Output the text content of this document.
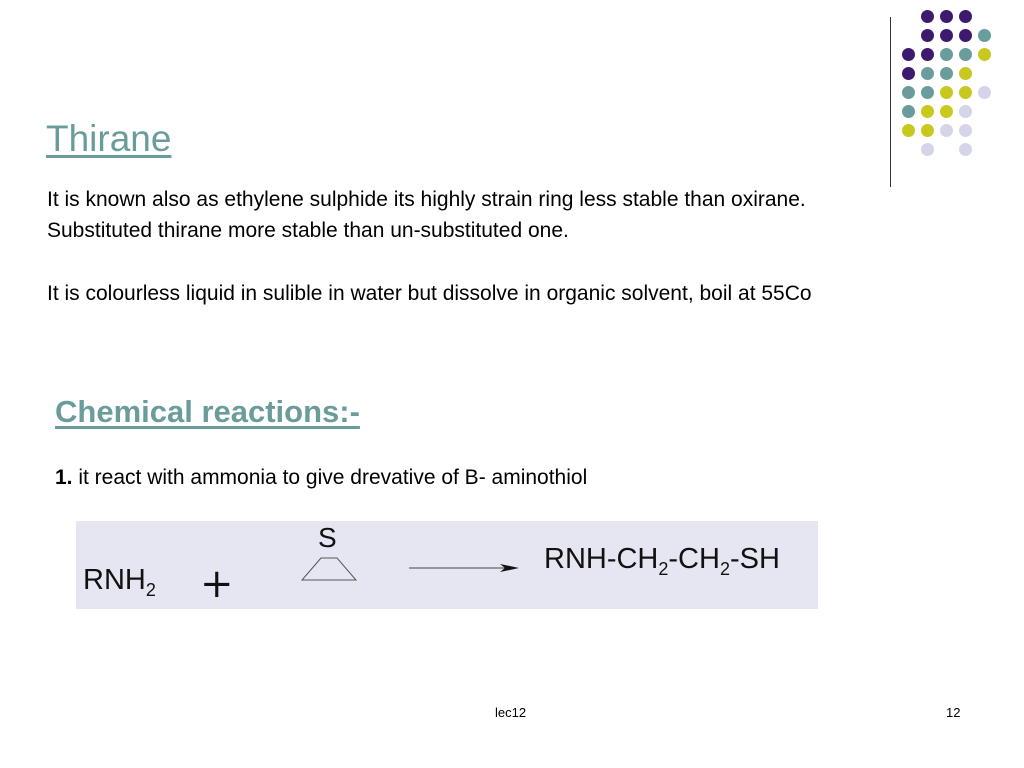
Thirane

It is known also as ethylene sulphide its highly strain ring less stable than oxirane. Substituted thirane more stable than un-substituted one.

It is colourless liquid in sulible in water but dissolve in organic solvent, boil at 55Co

Chemical reactions:-
1. it react with ammonia to give drevative of B- aminothiol
$RNH_2$ +
S
RNH-$CH_2-CH_2-SH$
lec12	12
